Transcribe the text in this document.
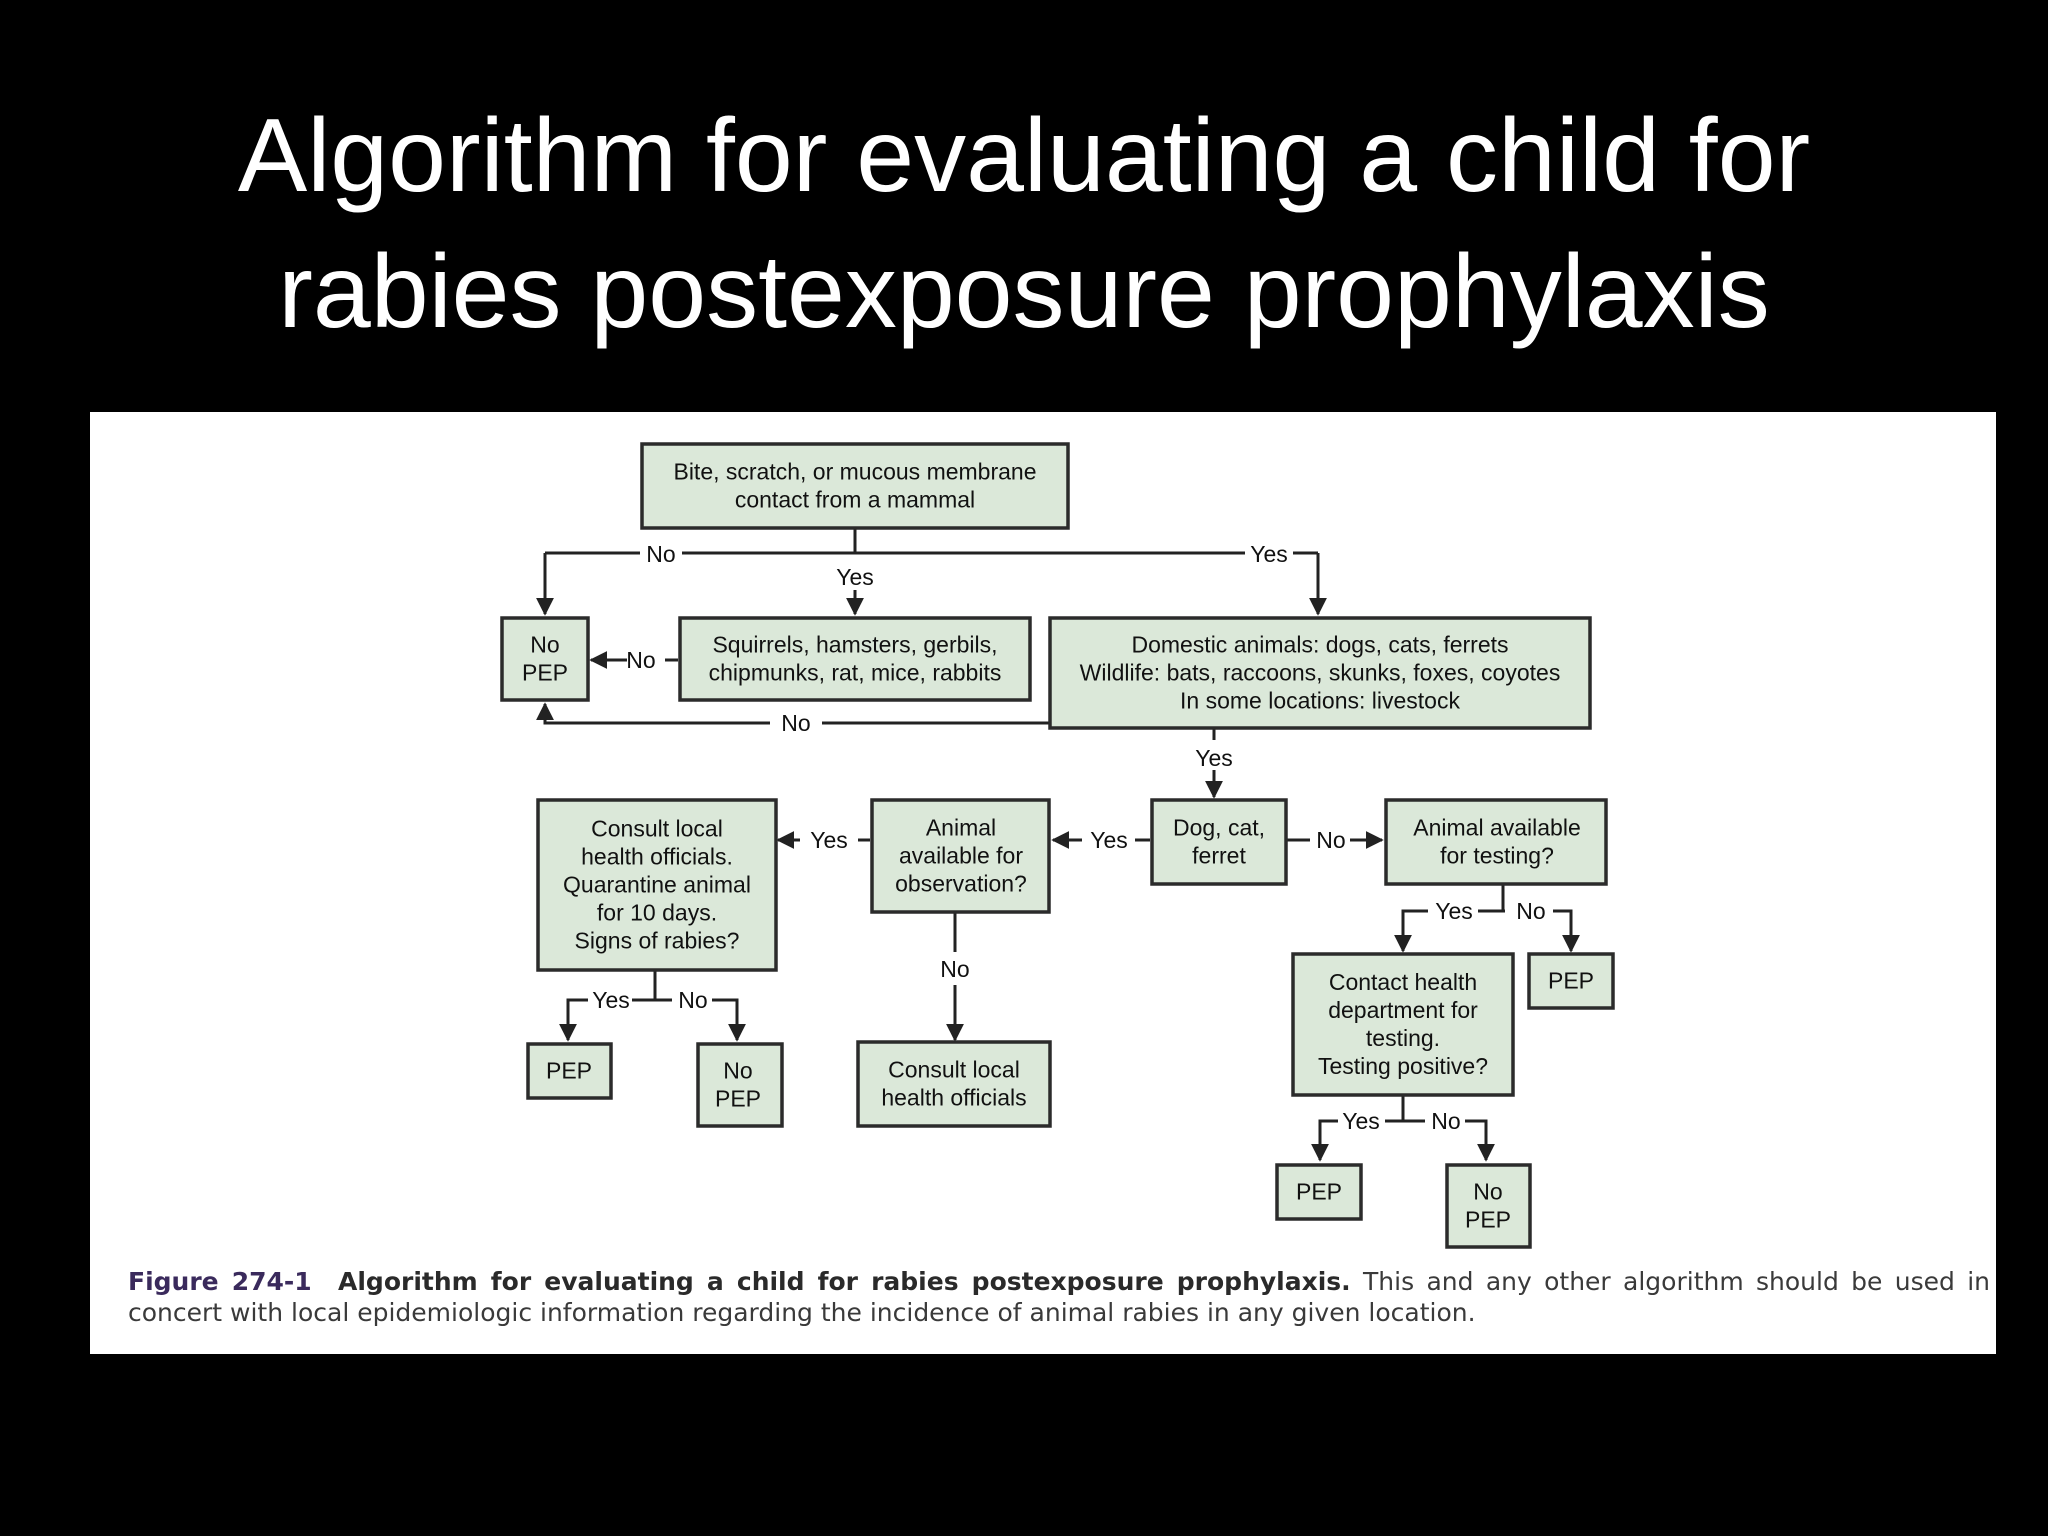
Algorithm for evaluating a child for
rabies postexposure prophylaxis
No
Yes
Yes
No
No
Yes
Yes	No
Yes
No
Yes No
Yes No
Yes No
Bite, scratch, or mucous membrane
contact from a mammal
No
PEP
Squirrels, hamsters, gerbils,
chipmunks, rat, mice, rabbits
Domestic animals: dogs, cats, ferrets
Wildlife: bats, raccoons, skunks, foxes, coyotes
In some locations: livestock
Dog, cat,
ferret
Animal
available for
observation?
Consult local
health officials.
Quarantine animal
for 10 days.
Signs of rabies?
PEP	No
PEP
Consult local
health officials
Animal available
for testing?
PEP
Contact health
department for
testing.
Testing positive?
PEP	No
PEP
Figure 274-1 Algorithm for evaluating a child for rabies postexposure prophylaxis. This and any other algorithm should be used in concert with local epidemiologic information regarding the incidence of animal rabies in any given location.
